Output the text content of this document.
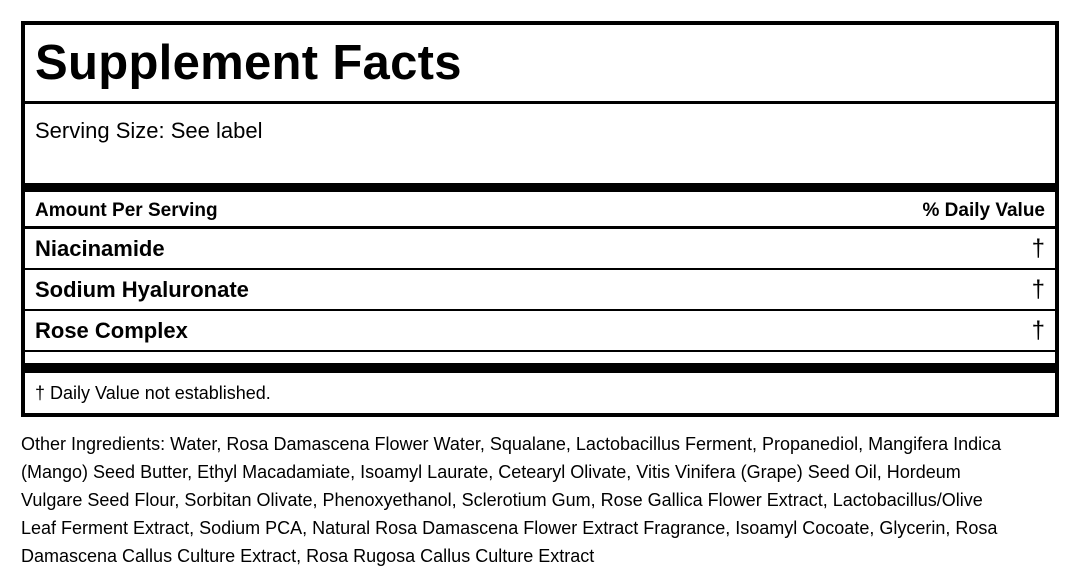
Supplement Facts
Serving Size: See label
Amount Per Serving	% Daily Value
Niacinamide	†
Sodium Hyaluronate	†
Rose Complex	†
† Daily Value not established.

Other Ingredients: Water, Rosa Damascena Flower Water, Squalane, Lactobacillus Ferment, Propanediol, Mangifera Indica (Mango) Seed Butter, Ethyl Macadamiate, Isoamyl Laurate, Cetearyl Olivate, Vitis Vinifera (Grape) Seed Oil, Hordeum Vulgare Seed Flour, Sorbitan Olivate, Phenoxyethanol, Sclerotium Gum, Rose Gallica Flower Extract, Lactobacillus/Olive Leaf Ferment Extract, Sodium PCA, Natural Rosa Damascena Flower Extract Fragrance, Isoamyl Cocoate, Glycerin, Rosa Damascena Callus Culture Extract, Rosa Rugosa Callus Culture Extract
